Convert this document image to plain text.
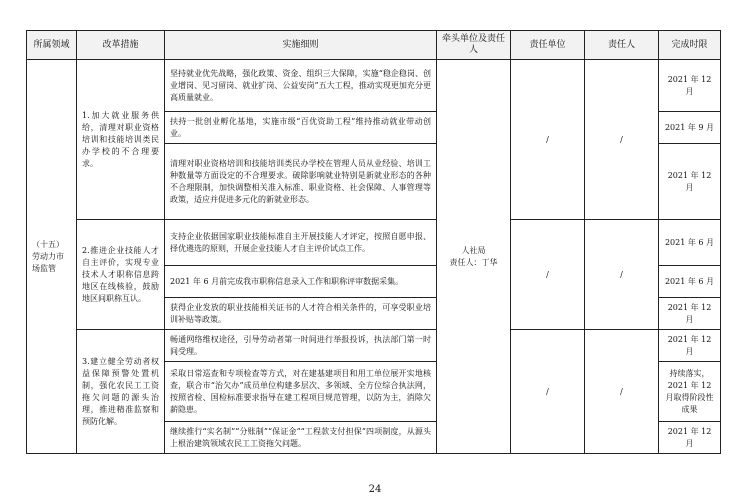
所属领域	改革措施	实施细则	牵头单位及责任人	责任单位	责任人	完成时限
（十五）劳动力市场监管	1.加大就业服务供给，清理对职业资格培训和技能培训类民办学校的不合理要求。	坚持就业优先战略，强化政策、资金、组织三大保障，实施“稳企稳岗、创业增岗、见习留岗、就业扩岗、公益安岗”五大工程，推动实现更加充分更高质量就业。	人社局
责任人：丁华	/	/	2021 年 12 月
		扶持一批创业孵化基地，实施市级“百优资助工程”维持推动就业带动创业。				2021 年 9 月
		清理对职业资格培训和技能培训类民办学校在管理人员从业经验、培训工种数量等方面设定的不合理要求。破除影响就业特别是新就业形态的各种不合理限制，加快调整相关准入标准、职业资格、社会保障、人事管理等政策，适应并促进多元化的新就业形态。				2021 年 12 月
	2.推进企业技能人才自主评价，实现专业技术人才职称信息跨地区在线核验，鼓励地区间职称互认。	支持企业依据国家职业技能标准自主开展技能人才评定，按照自愿申报、择优遴选的原则，开展企业技能人才自主评价试点工作。		/	/	2021 年 6 月
		2021 年 6 月前完成我市职称信息录入工作和职称评审数据采集。				2021 年 6 月
		获得企业发放的职业技能相关证书的人才符合相关条件的，可享受职业培训补贴等政策。				2021 年 12 月
	3.建立健全劳动者权益保障预警处置机制，强化农民工工资拖欠问题的源头治理，推进精准监察和预防化解。	畅通网络维权途径，引导劳动者第一时间进行举报投诉，执法部门第一时间受理。		/	/	2021 年 12 月
		采取日常巡查和专项检查等方式，对在建基建项目和用工单位展开实地核查，联合市“治欠办”成员单位构建多层次、多领域、全方位综合执法网，按照省检、国检标准要求指导在建工程项目规范管理，以防为主，消除欠薪隐患。				持续落实，2021 年 12 月取得阶段性成果
		继续推行“实名制”“分账制”“保证金”“工程款支付担保”四项制度，从源头上根治建筑领域农民工工资拖欠问题。				2021 年 12 月
24
